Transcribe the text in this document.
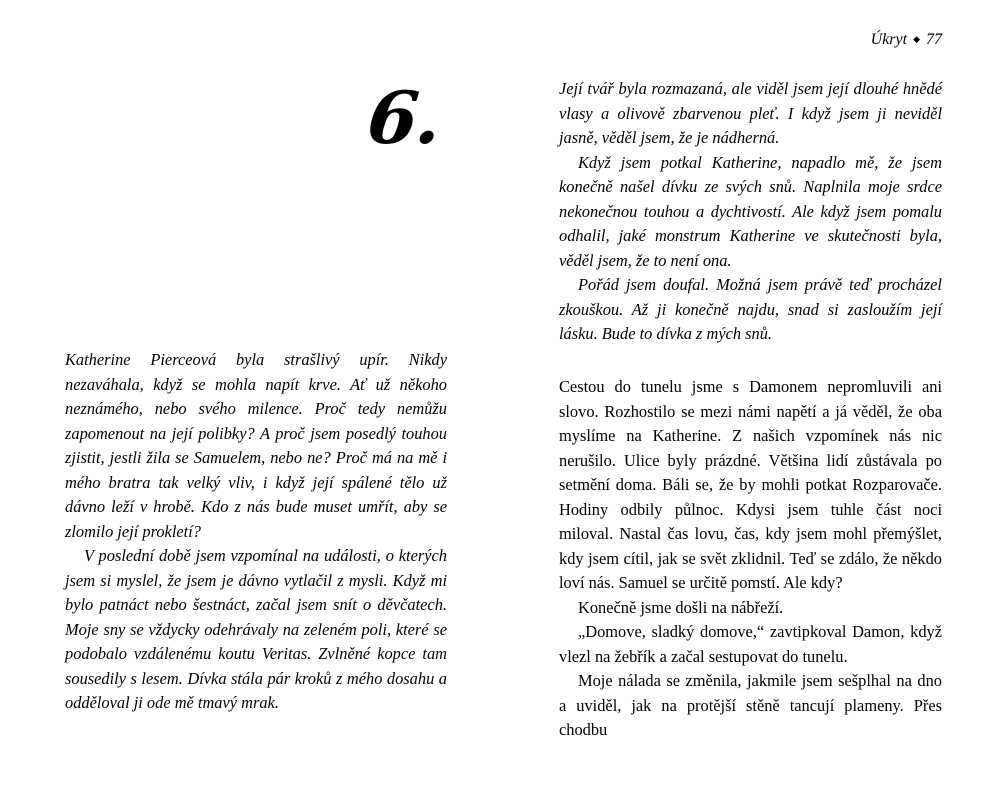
6.

Katherine Pierceová byla strašlivý upír. Nikdy nezaváhala, když se mohla napít krve. Ať už někoho neznámého, nebo svého milence. Proč tedy nemůžu zapomenout na její polibky? A proč jsem posedlý touhou zjistit, jestli žila se Samuelem, nebo ne? Proč má na mě i mého bratra tak velký vliv, i když její spálené tělo už dávno leží v hrobě. Kdo z nás bude muset umřít, aby se zlomilo její prokletí?

V poslední době jsem vzpomínal na události, o kterých jsem si myslel, že jsem je dávno vytlačil z mysli. Když mi bylo patnáct nebo šestnáct, začal jsem snít o děvčatech. Moje sny se vždycky odehrávaly na zeleném poli, které se podobalo vzdálenému koutu Veritas. Zvlněné kopce tam sousedily s lesem. Dívka stála pár kroků z mého dosahu a odděloval ji ode mě tmavý mrak.

Úkryt ◆ 77

Její tvář byla rozmazaná, ale viděl jsem její dlouhé hnědé vlasy a olivově zbarvenou pleť. I když jsem ji neviděl jasně, věděl jsem, že je nádherná.

Když jsem potkal Katherine, napadlo mě, že jsem konečně našel dívku ze svých snů. Naplnila moje srdce nekonečnou touhou a dychtivostí. Ale když jsem pomalu odhalil, jaké monstrum Katherine ve skutečnosti byla, věděl jsem, že to není ona.

Pořád jsem doufal. Možná jsem právě teď procházel zkouškou. Až ji konečně najdu, snad si zasloužím její lásku. Bude to dívka z mých snů.

Cestou do tunelu jsme s Damonem nepromluvili ani slovo. Rozhostilo se mezi námi napětí a já věděl, že oba myslíme na Katherine. Z našich vzpomínek nás nic nerušilo. Ulice byly prázdné. Většina lidí zůstávala po setmění doma. Báli se, že by mohli potkat Rozparovače. Hodiny odbily půlnoc. Kdysi jsem tuhle část noci miloval. Nastal čas lovu, čas, kdy jsem mohl přemýšlet, kdy jsem cítil, jak se svět zklidnil. Teď se zdálo, že někdo loví nás. Samuel se určitě pomstí. Ale kdy?

Konečně jsme došli na nábřeží.

„Domove, sladký domove,“ zavtipkoval Damon, když vlezl na žebřík a začal sestupovat do tunelu.

Moje nálada se změnila, jakmile jsem sešplhal na dno a uviděl, jak na protější stěně tancují plameny. Přes chodbu
